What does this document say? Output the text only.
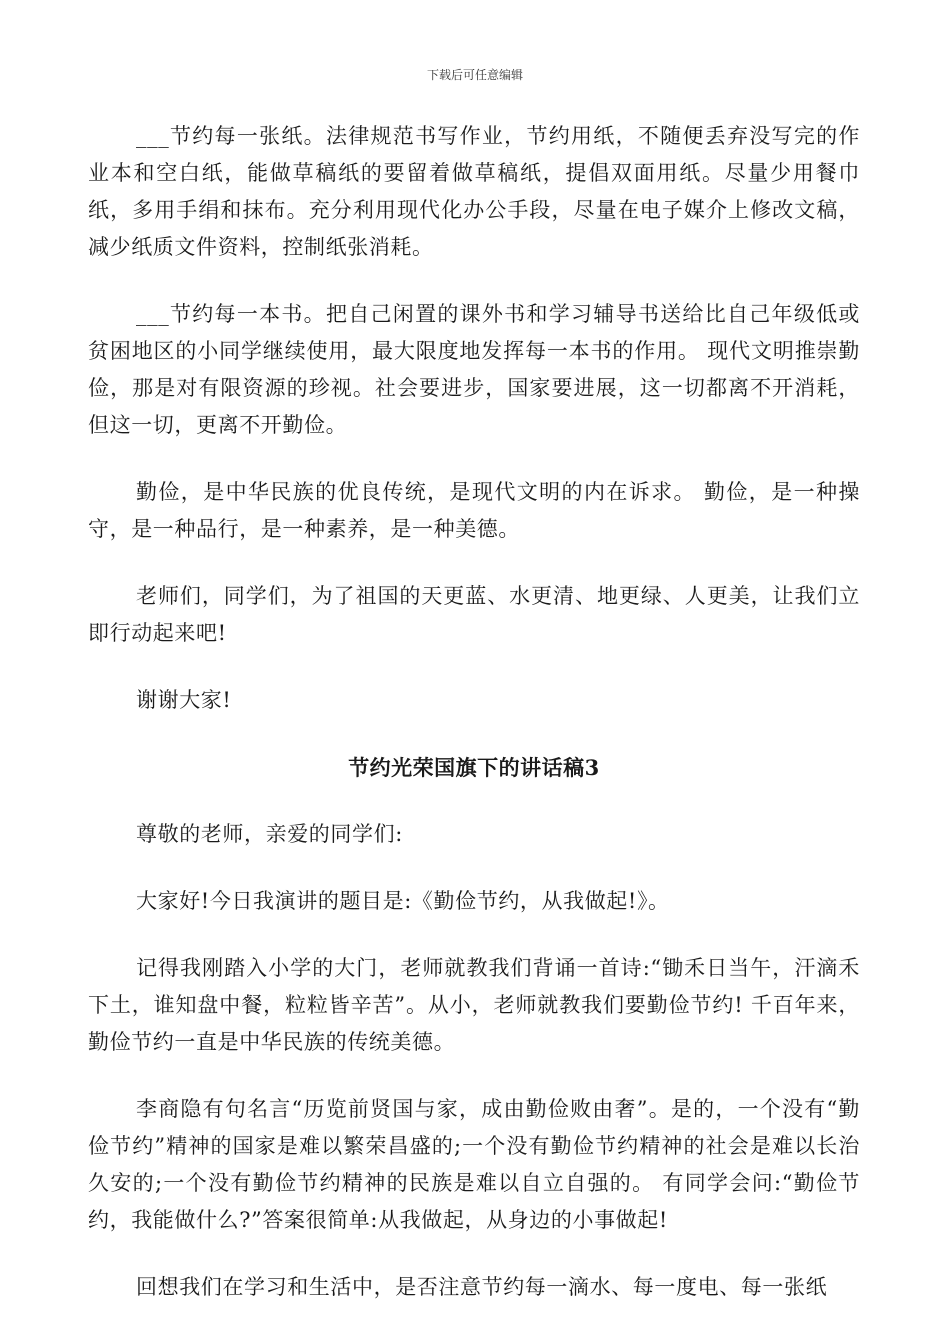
下载后可任意编辑

___节约每一张纸。法律规范书写作业，节约用纸，不随便丢弃没写完的作业本和空白纸，能做草稿纸的要留着做草稿纸，提倡双面用纸。尽量少用餐巾纸，多用手绢和抹布。充分利用现代化办公手段，尽量在电子媒介上修改文稿，减少纸质文件资料，控制纸张消耗。

___节约每一本书。把自己闲置的课外书和学习辅导书送给比自己年级低或贫困地区的小同学继续使用，最大限度地发挥每一本书的作用。 现代文明推崇勤俭，那是对有限资源的珍视。社会要进步，国家要进展，这一切都离不开消耗，但这一切，更离不开勤俭。

勤俭，是中华民族的优良传统，是现代文明的内在诉求。 勤俭，是一种操守，是一种品行，是一种素养，是一种美德。

老师们，同学们，为了祖国的天更蓝、水更清、地更绿、人更美，让我们立即行动起来吧!

谢谢大家!

节约光荣国旗下的讲话稿3

尊敬的老师，亲爱的同学们:

大家好!今日我演讲的题目是:《勤俭节约，从我做起!》。

记得我刚踏入小学的大门，老师就教我们背诵一首诗:“锄禾日当午，汗滴禾下土，谁知盘中餐，粒粒皆辛苦”。从小，老师就教我们要勤俭节约! 千百年来，勤俭节约一直是中华民族的传统美德。

李商隐有句名言“历览前贤国与家，成由勤俭败由奢”。是的，一个没有“勤俭节约”精神的国家是难以繁荣昌盛的;一个没有勤俭节约精神的社会是难以长治久安的;一个没有勤俭节约精神的民族是难以自立自强的。 有同学会问:“勤俭节约，我能做什么?”答案很简单:从我做起，从身边的小事做起!

回想我们在学习和生活中，是否注意节约每一滴水、每一度电、每一张纸
